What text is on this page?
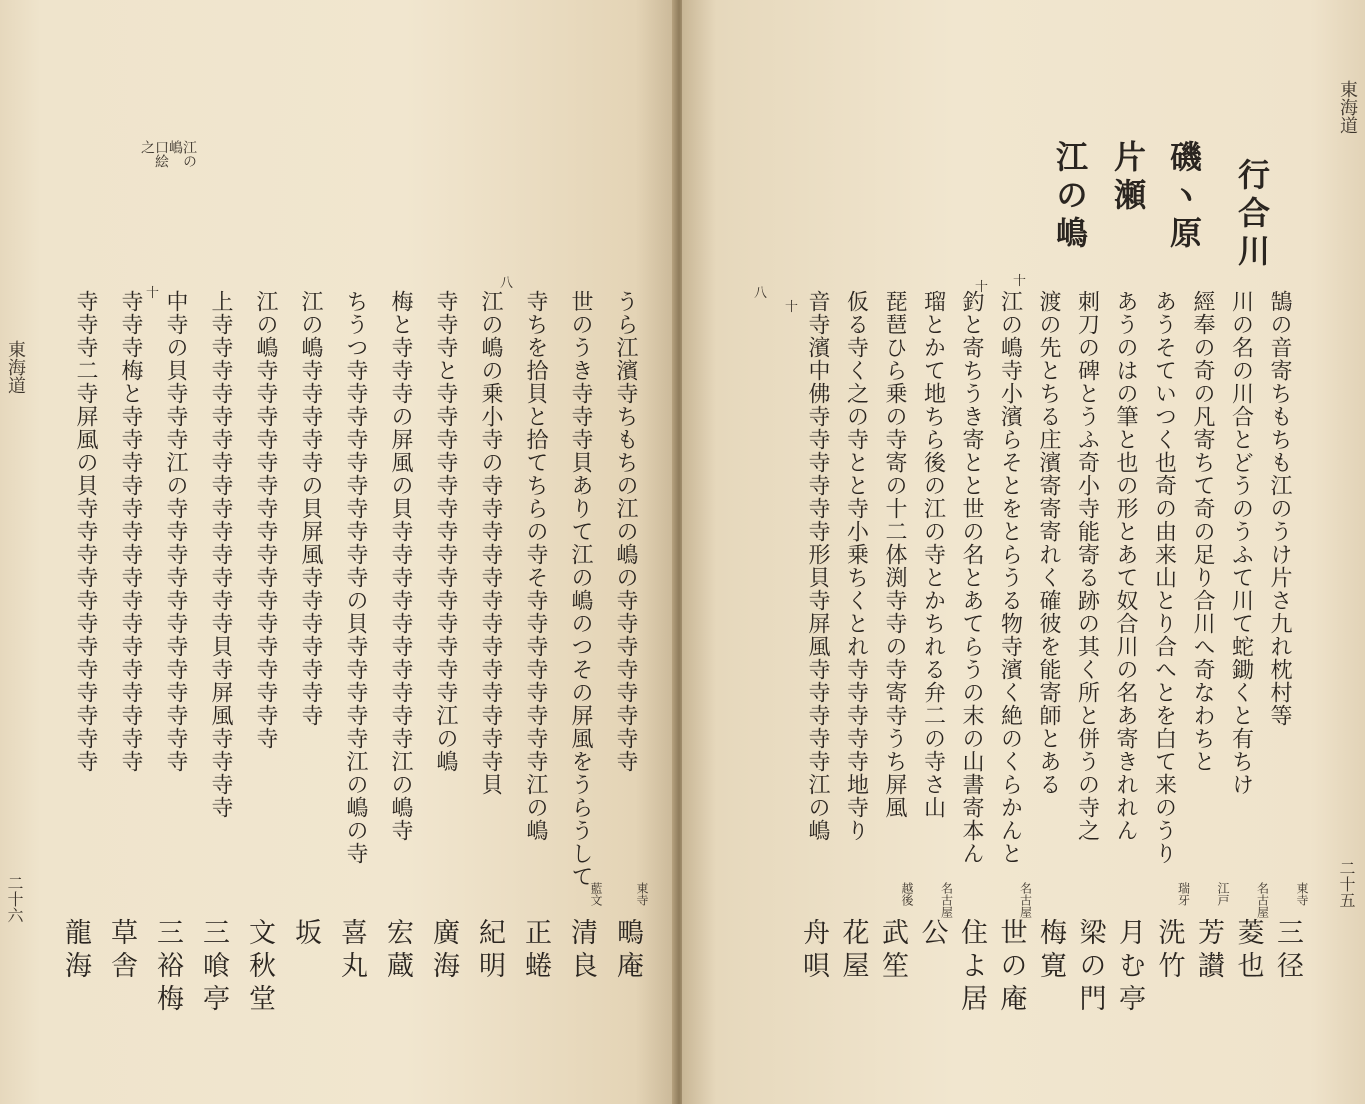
東海道
二十六
江の嶋 口絵之
うら江濱寺ちもちの江の嶋の寺寺寺寺寺寺寺寺
世のうき寺寺寺貝ありて江の嶋のつその屏風をうらうして
寺ちを拾貝と拾てちらの寺そ寺寺寺寺寺寺寺寺江の嶋
江の嶋の乗小寺の寺寺寺寺寺寺寺寺寺寺寺寺寺貝
寺寺寺と寺寺寺寺寺寺寺寺寺寺寺寺寺寺江の嶋
梅と寺寺寺の屏風の貝寺寺寺寺寺寺寺寺寺寺江の嶋寺
ちうつ寺寺寺寺寺寺寺寺寺寺の貝寺寺寺寺寺江の嶋の寺
江の嶋寺寺寺寺寺の貝屏風寺寺寺寺寺寺寺
江の嶋寺寺寺寺寺寺寺寺寺寺寺寺寺寺寺寺寺
上寺寺寺寺寺寺寺寺寺寺寺寺寺寺貝寺屏風寺寺寺寺
中寺の貝寺寺寺江の寺寺寺寺寺寺寺寺寺寺寺寺
寺寺寺梅と寺寺寺寺寺寺寺寺寺寺寺寺寺寺寺寺
寺寺寺二寺屏風の貝寺寺寺寺寺寺寺寺寺寺寺寺
東寺
鴫庵
藍文
清良
正蜷
紀明
廣海
宏蔵
喜丸
坂
文秋堂
三喰亭
三裕梅
草舎
龍海
八
十
東海道
二十五
行合川
磯ヽ原
片瀬
江の嶋
鵠の音寄ちもちも江のうけ片さ九れ枕村等
川の名の川合とどうのうふて川て蛇鋤くと有ちけ
經奉の奇の凡寄ちて奇の足り合川へ奇なわちと
あうそていつく也奇の由来山とり合へとを白て来のうり
あうのはの筆と也の形とあて奴合川の名あ寄きれれん
刺刀の碑とうふ奇小寺能寄る跡の其く所と併うの寺之
渡の先とちる庄濱寄寄寄れく確彼を能寄師とある
江の嶋寺小濱らそとをとらうる物寺濱く絶のくらかんと
釣と寄ちうき寄とと世の名とあてらうの末の山書寄本ん
瑠とかて地ちら後の江の寺とかちれる弁二の寺さ山
琵琶ひら乗の寺寄の十二体渕寺寺の寺寄寺うち屏風
仮る寺く之の寺とと寺小乗ちくとれ寺寺寺寺寺地寺り
音寺濱中佛寺寺寺寺寺寺形貝寺屏風寺寺寺寺寺江の嶋
東寺
三径
名古屋
菱也
江戸
芳讃
瑞牙
洗竹
月む亭
梁の門
梅寛
名古屋
世の庵
住よ居
名古屋
公
越後
武笙
花屋
舟唄
八	十 十
十
